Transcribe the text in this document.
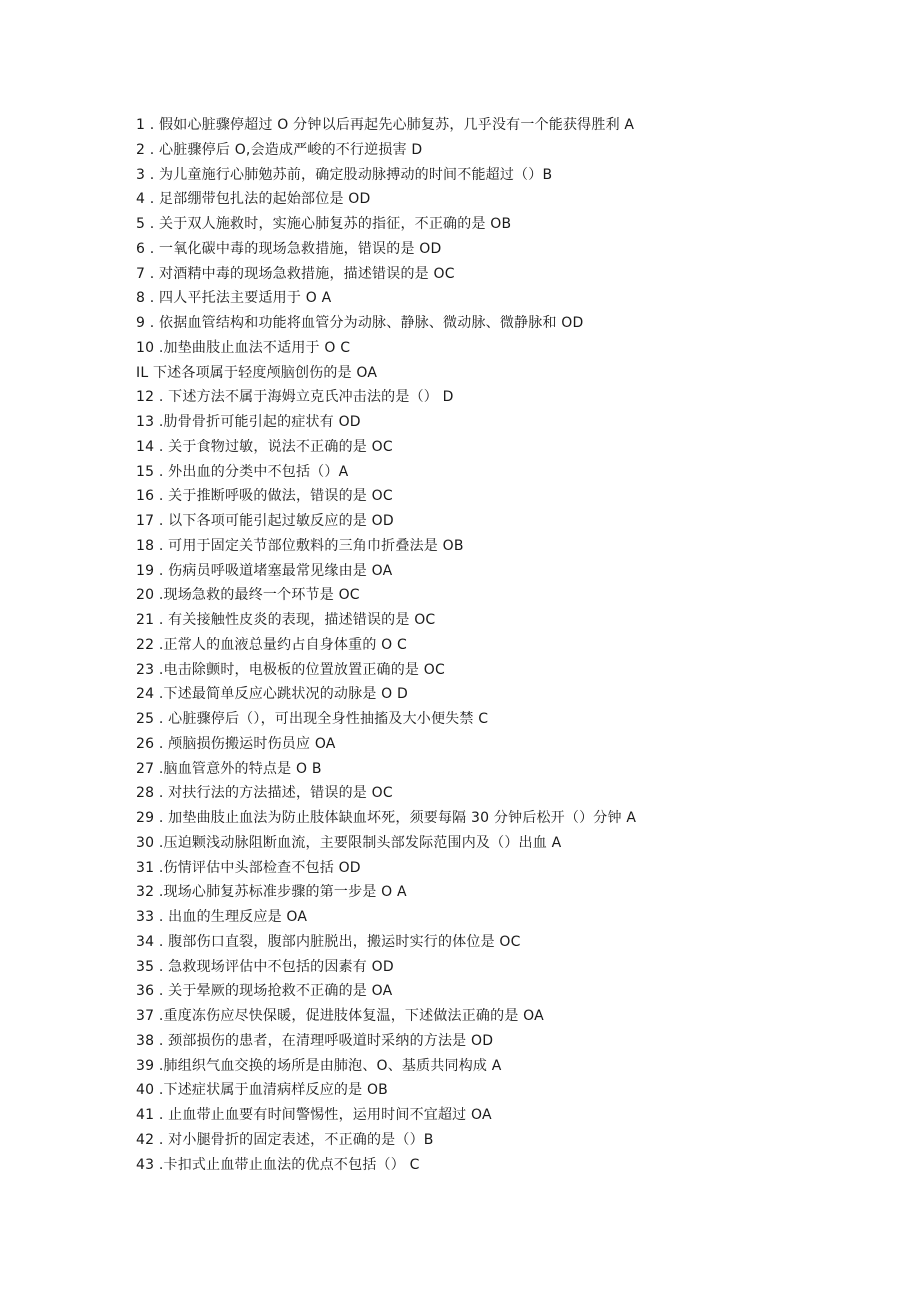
1 . 假如心脏骤停超过 O 分钟以后再起先心肺复苏，几乎没有一个能获得胜利 A
2 . 心脏骤停后 O,会造成严峻的不行逆损害 D
3 . 为儿童施行心肺勉苏前，确定股动脉搏动的时间不能超过（）B
4 . 足部绷带包扎法的起始部位是 OD
5 . 关于双人施救时，实施心肺复苏的指征，不正确的是 OB
6 . 一氧化碳中毒的现场急救措施，错误的是 OD
7 . 对酒精中毒的现场急救措施，描述错误的是 OC
8 . 四人平托法主要适用于 O A
9 . 依据血管结构和功能将血管分为动脉、静脉、微动脉、微静脉和 OD
10 .加垫曲肢止血法不适用于 O C
IL 下述各项属于轻度颅脑创伤的是 OA
12 . 下述方法不属于海姆立克氏冲击法的是（） D
13 .肋骨骨折可能引起的症状有 OD
14 . 关于食物过敏，说法不正确的是 OC
15 . 外出血的分类中不包括（）A
16 . 关于推断呼吸的做法，错误的是 OC
17 . 以下各项可能引起过敏反应的是 OD
18 . 可用于固定关节部位敷料的三角巾折叠法是 OB
19 . 伤病员呼吸道堵塞最常见缘由是 OA
20 .现场急救的最终一个环节是 OC
21 . 有关接触性皮炎的表现，描述错误的是 OC
22 .正常人的血液总量约占自身体重的 O C
23 .电击除颤时，电极板的位置放置正确的是 OC
24 .下述最简单反应心跳状况的动脉是 O D
25 . 心脏骤停后（），可出现全身性抽搐及大小便失禁 C
26 . 颅脑损伤搬运时伤员应 OA
27 .脑血管意外的特点是 O B
28 . 对扶行法的方法描述，错误的是 OC
29 . 加垫曲肢止血法为防止肢体缺血坏死，须要每隔 30 分钟后松开（）分钟 A
30 .压迫颗浅动脉阻断血流，主要限制头部发际范围内及（）出血 A
31 .伤情评估中头部检查不包括 OD
32 .现场心肺复苏标准步骤的第一步是 O A
33 . 出血的生理反应是 OA
34 . 腹部伤口直裂，腹部内脏脱出，搬运时实行的体位是 OC
35 . 急救现场评估中不包括的因素有 OD
36 . 关于晕厥的现场抢救不正确的是 OA
37 .重度冻伤应尽快保暖，促进肢体复温，下述做法正确的是 OA
38 . 颈部损伤的患者，在清理呼吸道时采纳的方法是 OD
39 .肺组织气血交换的场所是由肺泡、O、基质共同构成 A
40 .下述症状属于血清病样反应的是 OB
41 . 止血带止血要有时间警惕性，运用时间不宜超过 OA
42 . 对小腿骨折的固定表述，不正确的是（）B
43 .卡扣式止血带止血法的优点不包括（） C
